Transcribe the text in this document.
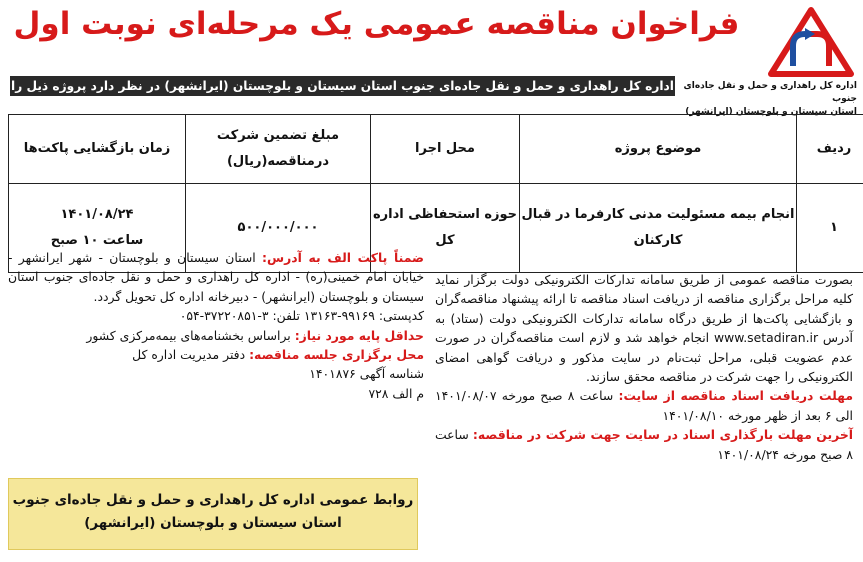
فراخوان مناقصه عمومی یک مرحله‌ای نوبت اول
اداره کل راهداری و حمل و نقل جاده‌ای جنوب استان سیستان و بلوچستان (ایرانشهر) در نظر دارد پروژه ذیل را	اداره کل راهداری و حمل و نقل جاده‌ای جنوب
استان سیستان و بلوچستان (ایرانشهر)
ردیف	موضوع پروژه	محل اجرا	مبلغ تضمین شرکت درمناقصه(ریال)	زمان بازگشایی پاکت‌ها
۱	انجام بیمه مسئولیت مدنی کارفرما در قبال کارکنان	حوزه استحفاظی اداره کل	۵۰۰/۰۰۰/۰۰۰	۱۴۰۱/۰۸/۲۴
ساعت ۱۰ صبح

بصورت مناقصه عمومی از طریق سامانه تدارکات الکترونیکی دولت برگزار نماید کلیه مراحل برگزاری مناقصه از دریافت اسناد مناقصه تا ارائه پیشنهاد مناقصه‌گران و بازگشایی پاکت‌ها از طریق درگاه سامانه تدارکات الکترونیکی دولت (ستاد) به آدرس www.setadiran.ir انجام خواهد شد و لازم است مناقصه‌گران در صورت عدم عضویت قبلی، مراحل ثبت‌نام در سایت مذکور و دریافت گواهی امضای الکترونیکی را جهت شرکت در مناقصه محقق سازند.

مهلت دریافت اسناد مناقصه از سایت: ساعت ۸ صبح مورخه ۱۴۰۱/۰۸/۰۷ الی ۶ بعد از ظهر مورخه ۱۴۰۱/۰۸/۱۰

آخرین مهلت بارگذاری اسناد در سایت جهت شرکت در مناقصه: ساعت ۸ صبح مورخه ۱۴۰۱/۰۸/۲۴

ضمناً پاکت الف به آدرس: استان سیستان و بلوچستان - شهر ایرانشهر - خیابان امام خمینی(ره) - اداره کل راهداری و حمل و نقل جاده‌ای جنوب استان سیستان و بلوچستان (ایرانشهر) - دبیرخانه اداره کل تحویل گردد.

کدپستی: ۹۹۱۶۹-۱۳۱۶۳ تلفن: ۳-۳۷۲۲۰۸۵۱-۰۵۴

حداقل پایه مورد نیاز: براساس بخشنامه‌های بیمه‌مرکزی کشور

محل برگزاری جلسه مناقصه: دفتر مدیریت اداره کل

شناسه آگهی ۱۴۰۱۸۷۶

م الف ۷۲۸

روابط عمومی اداره کل راهداری و حمل و نقل جاده‌ای جنوب
استان سیستان و بلوچستان (ایرانشهر)
